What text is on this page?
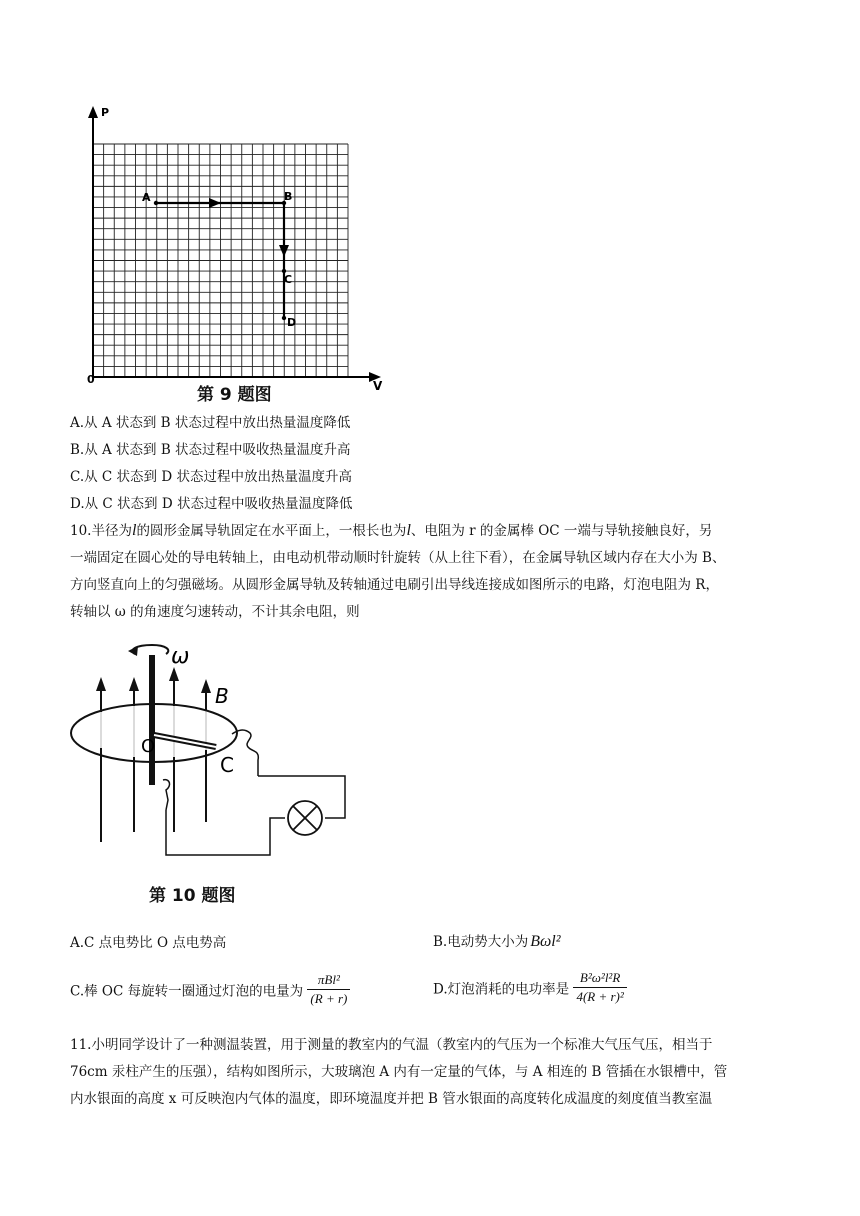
P
V
0
A	B
C
D
第 9 题图
A.从 A 状态到 B 状态过程中放出热量温度降低
B.从 A 状态到 B 状态过程中吸收热量温度升高
C.从 C 状态到 D 状态过程中放出热量温度升高
D.从 C 状态到 D 状态过程中吸收热量温度降低
10.半径为l的圆形金属导轨固定在水平面上，一根长也为l、电阻为 r 的金属棒 OC 一端与导轨接触良好，另
一端固定在圆心处的导电转轴上，由电动机带动顺时针旋转（从上往下看），在金属导轨区域内存在大小为 B、
方向竖直向上的匀强磁场。从圆形金属导轨及转轴通过电刷引出导线连接成如图所示的电路，灯泡电阻为 R，
转轴以 ω 的角速度匀速转动，不计其余电阻，则
ω
B
O
C
第 10 题图
A.C 点电势比 O 点电势高	B.电动势大小为 Bωl²
C.棒 OC 每旋转一圈通过灯泡的电量为 $\frac{\text{πBl²}}{(R + r)}$	D.灯泡消耗的电功率是 $\frac{\text{B²ω²l²R}}{\text{4(R + r)²}}$
11.小明同学设计了一种测温装置，用于测量的教室内的气温（教室内的气压为一个标准大气压气压，相当于
76cm 汞柱产生的压强），结构如图所示，大玻璃泡 A 内有一定量的气体，与 A 相连的 B 管插在水银槽中，管
内水银面的高度 x 可反映泡内气体的温度，即环境温度并把 B 管水银面的高度转化成温度的刻度值当教室温
